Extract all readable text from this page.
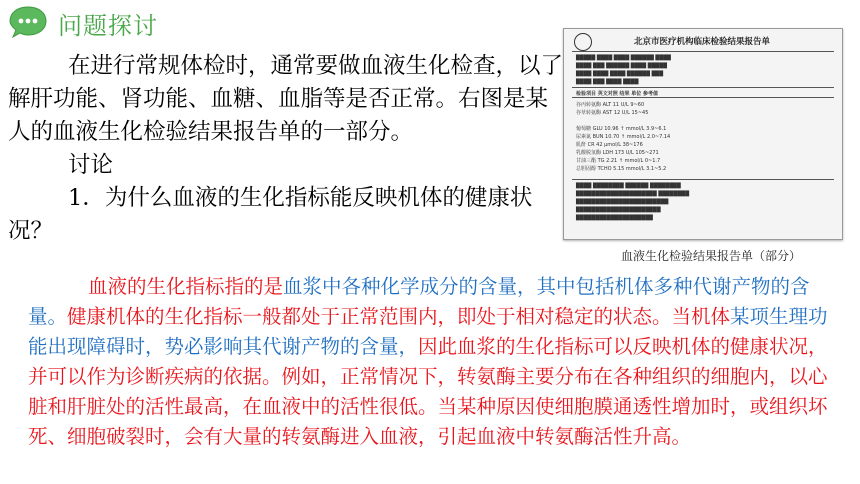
问题探讨

在进行常规体检时，通常要做血液生化检查，以了解肝功能、肾功能、血糖、血脂等是否正常。右图是某人的血液生化检验结果报告单的一部分。

讨论

1．为什么血液的生化指标能反映机体的健康状况？

北京市医疗机构临床检验结果报告单
█████ ████ ████ ██████ ████
████ ███ ██████ ████ █████
████ ████ ████ ██████ ███
████ ███ ████ ████
检验项目 英文对照 结果 单位 参考值
谷丙转氨酶 ALT 11 U/L 9~60
谷草转氨酶 AST 12 U/L 15~45
葡萄糖 GLU 10.96 ↑ mmol/L 3.9~6.1
尿素氮 BUN 10.70 ↑ mmol/L 2.0~7.14
肌酐 CR 42 μmol/L 38~176
乳酸脱氢酶 LDH 173 U/L 105~271
甘油三酯 TG 2.21 ↑ mmol/L 0~1.7
总胆固醇 TCHO 5.15 mmol/L 3.1~5.2
████ ████████ ██████ ████████
█████████████████████ ████████
████████████████████████
██████████████████████
████████████████████
血液生化检验结果报告单（部分）

血液的生化指标指的是血浆中各种化学成分的含量，其中包括机体多种代谢产物的含量。健康机体的生化指标一般都处于正常范围内，即处于相对稳定的状态。当机体某项生理功能出现障碍时，势必影响其代谢产物的含量，因此血浆的生化指标可以反映机体的健康状况，并可以作为诊断疾病的依据。例如，正常情况下，转氨酶主要分布在各种组织的细胞内，以心脏和肝脏处的活性最高，在血液中的活性很低。当某种原因使细胞膜通透性增加时，或组织坏死、细胞破裂时，会有大量的转氨酶进入血液，引起血液中转氨酶活性升高。
